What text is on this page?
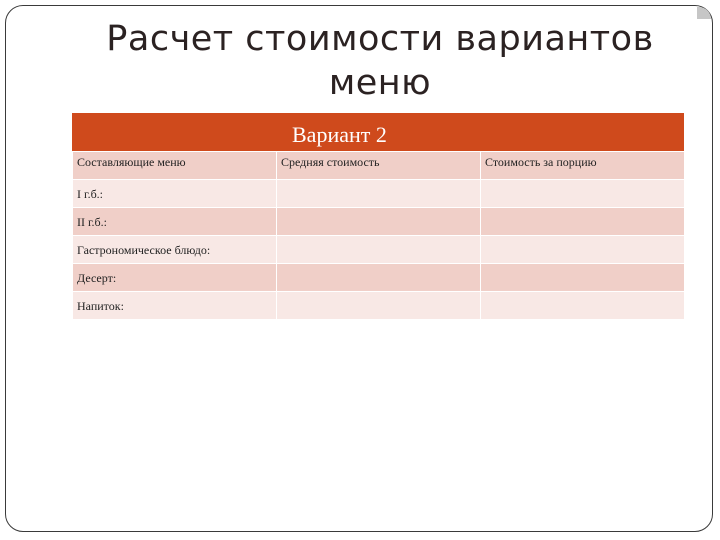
Расчет стоимости вариантов
меню
Вариант 2
Составляющие меню	Средняя стоимость	Стоимость за порцию
I г.б.:		
II г.б.:		
Гастрономическое блюдо:		
Десерт:		
Напиток:		
